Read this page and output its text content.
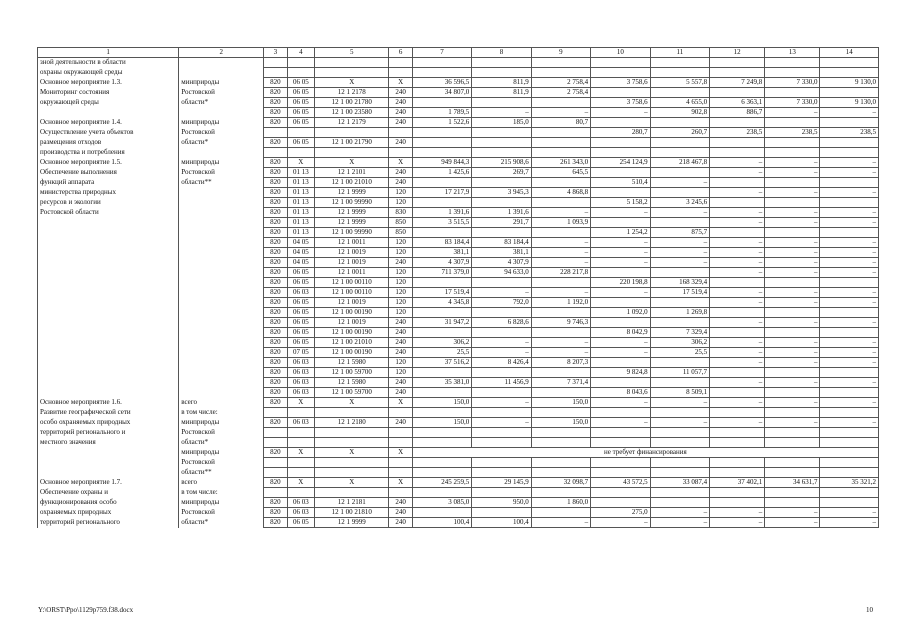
1	2	3	4	5	6	7	8	9	10	11	12	13	14
зной деятельности в области													
охраны окружающей среды													
Основное мероприятие 1.3.	минприроды	820	06 05	Х	Х	36 596,5	811,9	2 758,4	3 758,6	5 557,8	7 249,8	7 330,0	9 130,0
Мониторинг состояния	Ростовской	820	06 05	12 1 2178	240	34 807,0	811,9	2 758,4					
окружающей среды	области*	820	06 05	12 1 00 21780	240				3 758,6	4 655,0	6 363,1	7 330,0	9 130,0
		820	06 05	12 1 00 23580	240	1 789,5	–	–	–	902,8	886,7	–	–
Основное мероприятие 1.4.	минприроды	820	06 05	12 1 2179	240	1 522,6	185,0	80,7					
Осуществление учета объектов	Ростовской								280,7	260,7	238,5	238,5	238,5
размещения отходов	области*	820	06 05	12 1 00 21790	240								
производства и потребления													
Основное мероприятие 1.5.	минприроды	820	Х	Х	Х	949 844,3	215 908,6	261 343,0	254 124,9	218 467,8	–	–	–
Обеспечение выполнения	Ростовской	820	01 13	12 1 2101	240	1 425,6	269,7	645,5			–	–	–
функций аппарата	области**	820	01 13	12 1 00 21010	240				510,4	–			
министерства природных		820	01 13	12 1 9999	120	17 217,9	3 945,3	4 868,8			–	–	–
ресурсов и экологии		820	01 13	12 1 00 99990	120				5 158,2	3 245,6			
Ростовской области		820	01 13	12 1 9999	830	1 391,6	1 391,6	–	–	–	–	–	–
		820	01 13	12 1 9999	850	3 515,5	291,7	1 093,9			–	–	–
		820	01 13	12 1 00 99990	850				1 254,2	875,7			
		820	04 05	12 1 0011	120	83 184,4	83 184,4	–	–	–	–	–	–
		820	04 05	12 1 0019	120	381,1	381,1	–	–	–	–	–	–
		820	04 05	12 1 0019	240	4 307,9	4 307,9	–	–	–	–	–	–
		820	06 05	12 1 0011	120	711 379,0	94 633,0	228 217,8			–	–	–
		820	06 05	12 1 00 00110	120				220 198,8	168 329,4			
		820	06 03	12 1 00 00110	120	17 519,4	–	–	–	17 519,4	–	–	–
		820	06 05	12 1 0019	120	4 345,8	792,0	1 192,0			–	–	–
		820	06 05	12 1 00 00190	120				1 092,0	1 269,8			
		820	06 05	12 1 0019	240	31 947,2	6 828,6	9 746,3			–	–	–
		820	06 05	12 1 00 00190	240				8 042,9	7 329,4			
		820	06 05	12 1 00 21010	240	306,2	–	–	–	306,2	–	–	–
		820	07 05	12 1 00 00190	240	25,5	–	–	–	25,5	–	–	–
		820	06 03	12 1 5980	120	37 516,2	8 426,4	8 207,3			–	–	–
		820	06 03	12 1 00 59700	120				9 824,8	11 057,7			
		820	06 03	12 1 5980	240	35 381,0	11 456,9	7 371,4			–	–	–
		820	06 03	12 1 00 59700	240				8 043,6	8 509,1			
Основное мероприятие 1.6.	всего	820	Х	Х	Х	150,0	–	150,0	–	–	–	–	–
Развитие географической сети	в том числе:												
особо охраняемых природных	минприроды	820	06 03	12 1 2180	240	150,0	–	150,0	–	–	–	–	–
территорий регионального и	Ростовской												
местного значения	области*												
	минприроды	820	Х	Х	Х	не требует финансирования							
	Ростовской												
	области**												
Основное мероприятие 1.7.	всего	820	Х	Х	Х	245 259,5	29 145,9	32 098,7	43 572,5	33 087,4	37 402,1	34 631,7	35 321,2
Обеспечение охраны и	в том числе:												
функционирования особо	минприроды	820	06 03	12 1 2181	240	3 085,0	950,0	1 860,0					
охраняемых природных	Ростовской	820	06 03	12 1 00 21810	240				275,0	–	–	–	–
территорий регионального	области*	820	06 05	12 1 9999	240	100,4	100,4	–	–	–	–	–	–
Y:\ORST\Ppo\1129p759.f38.docx	10
